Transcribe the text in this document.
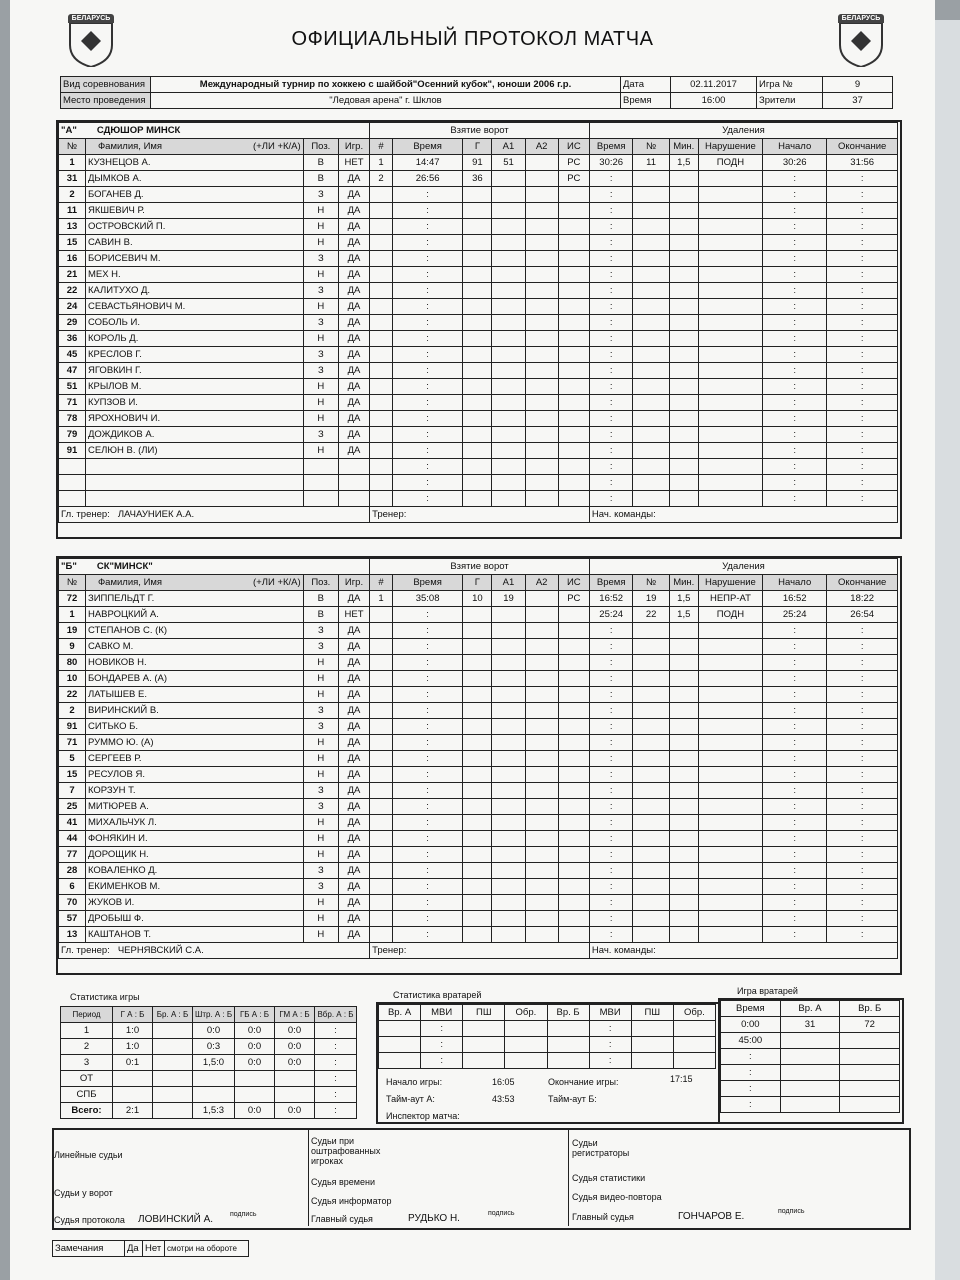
БЕЛАРУСЬ	БЕЛАРУСЬ
ОФИЦИАЛЬНЫЙ ПРОТОКОЛ МАТЧА
Вид соревнования	Международный турнир по хоккею с шайбой"Осенний кубок", юноши 2006 г.р.	Дата	02.11.2017	Игра №	9
Место проведения	"Ледовая арена" г. Шклов	Время	16:00	Зрители	37
"А" СДЮШОР МИНСК				Взятие ворот						Удаления					
№	Фамилия, Имя (+ЛИ +К/А)	Поз.	Игр.	#	Время	Г	А1	А2	ИС	Время	№	Мин.	Нарушение	Начало	Окончание
1	КУЗНЕЦОВ А.	В	НЕТ	1	14:47	91	51		РС	30:26	11	1,5	ПОДН	30:26	31:56
31	ДЫМКОВ А.	В	ДА	2	26:56	36			РС	:				:	:
2	БОГАНЕВ Д.	З	ДА		:					:				:	:
11	ЯКШЕВИЧ Р.	Н	ДА		:					:				:	:
13	ОСТРОВСКИЙ П.	Н	ДА		:					:				:	:
15	САВИН В.	Н	ДА		:					:				:	:
16	БОРИСЕВИЧ М.	З	ДА		:					:				:	:
21	МЕХ Н.	Н	ДА		:					:				:	:
22	КАЛИТУХО Д.	З	ДА		:					:				:	:
24	СЕВАСТЬЯНОВИЧ М.	Н	ДА		:					:				:	:
29	СОБОЛЬ И.	З	ДА		:					:				:	:
36	КОРОЛЬ Д.	Н	ДА		:					:				:	:
45	КРЕСЛОВ Г.	З	ДА		:					:				:	:
47	ЯГОВКИН Г.	З	ДА		:					:				:	:
51	КРЫЛОВ М.	Н	ДА		:					:				:	:
71	КУПЗОВ И.	Н	ДА		:					:				:	:
78	ЯРОХНОВИЧ И.	Н	ДА		:					:				:	:
79	ДОЖДИКОВ А.	З	ДА		:					:				:	:
91	СЕЛЮН В. (ЛИ)	Н	ДА		:					:				:	:
					:					:				:	:
					:					:				:	:
					:					:				:	:
Гл. тренер: ЛАЧАУНИЕК А.А.				Тренер:						Нач. команды:					
"Б" СК"МИНСК"				Взятие ворот						Удаления					
№	Фамилия, Имя (+ЛИ +К/А)	Поз.	Игр.	#	Время	Г	А1	А2	ИС	Время	№	Мин.	Нарушение	Начало	Окончание
72	ЗИППЕЛЬДТ Г.	В	ДА	1	35:08	10	19		РС	16:52	19	1,5	НЕПР-АТ	16:52	18:22
1	НАВРОЦКИЙ А.	В	НЕТ		:					25:24	22	1,5	ПОДН	25:24	26:54
19	СТЕПАНОВ С. (К)	З	ДА		:					:				:	:
9	САВКО М.	З	ДА		:					:				:	:
80	НОВИКОВ Н.	Н	ДА		:					:				:	:
10	БОНДАРЕВ А. (А)	Н	ДА		:					:				:	:
22	ЛАТЫШЕВ Е.	Н	ДА		:					:				:	:
2	ВИРИНСКИЙ В.	З	ДА		:					:				:	:
91	СИТЬКО Б.	З	ДА		:					:				:	:
71	РУММО Ю. (А)	Н	ДА		:					:				:	:
5	СЕРГЕЕВ Р.	Н	ДА		:					:				:	:
15	РЕСУЛОВ Я.	Н	ДА		:					:				:	:
7	КОРЗУН Т.	З	ДА		:					:				:	:
25	МИТЮРЕВ А.	З	ДА		:					:				:	:
41	МИХАЛЬЧУК Л.	Н	ДА		:					:				:	:
44	ФОНЯКИН И.	Н	ДА		:					:				:	:
77	ДОРОЩИК Н.	Н	ДА		:					:				:	:
28	КОВАЛЕНКО Д.	З	ДА		:					:				:	:
6	ЕКИМЕНКОВ М.	З	ДА		:					:				:	:
70	ЖУКОВ И.	Н	ДА		:					:				:	:
57	ДРОБЫШ Ф.	Н	ДА		:					:				:	:
13	КАШТАНОВ Т.	Н	ДА		:					:				:	:
Гл. тренер: ЧЕРНЯВСКИЙ С.А.				Тренер:						Нач. команды:					
Статистика игры
Период	Г А : Б	Бр. А : Б	Штр. А : Б	ГБ А : Б	ГМ А : Б	Вбр. А : Б
1	1:0		0:0	0:0	0:0	:
2	1:0		0:3	0:0	0:0	:
3	0:1		1,5:0	0:0	0:0	:
ОТ						:
СПБ						:
Всего:	2:1		1,5:3	0:0	0:0	:
Статистика вратарей
Вр. А	МВИ	ПШ	Обр.	Вр. Б	МВИ	ПШ	Обр.
	:				:		
	:				:		
	:				:		
Начало игры:	16:05	Окончание игры:	17:15
Тайм-аут А:	43:53	Тайм-аут Б:
Инспектор матча:
Игра вратарей
Время	Вр. А	Вр. Б
0:00	31	72
45:00		
:		
:		
:		
:		
Линейные судьи
Судьи у ворот
Судья протокола ЛОВИНСКИЙ А. подпись
Судьи при оштрафованных игроках
Судья времени
Судья информатор
Главный судья	РУДЬКО Н.	подпись
Судьи регистраторы
Судья статистики
Судья видео-повтора
Главный судья	ГОНЧАРОВ Е.	подпись
Замечания	Да	Нет	смотри на обороте
